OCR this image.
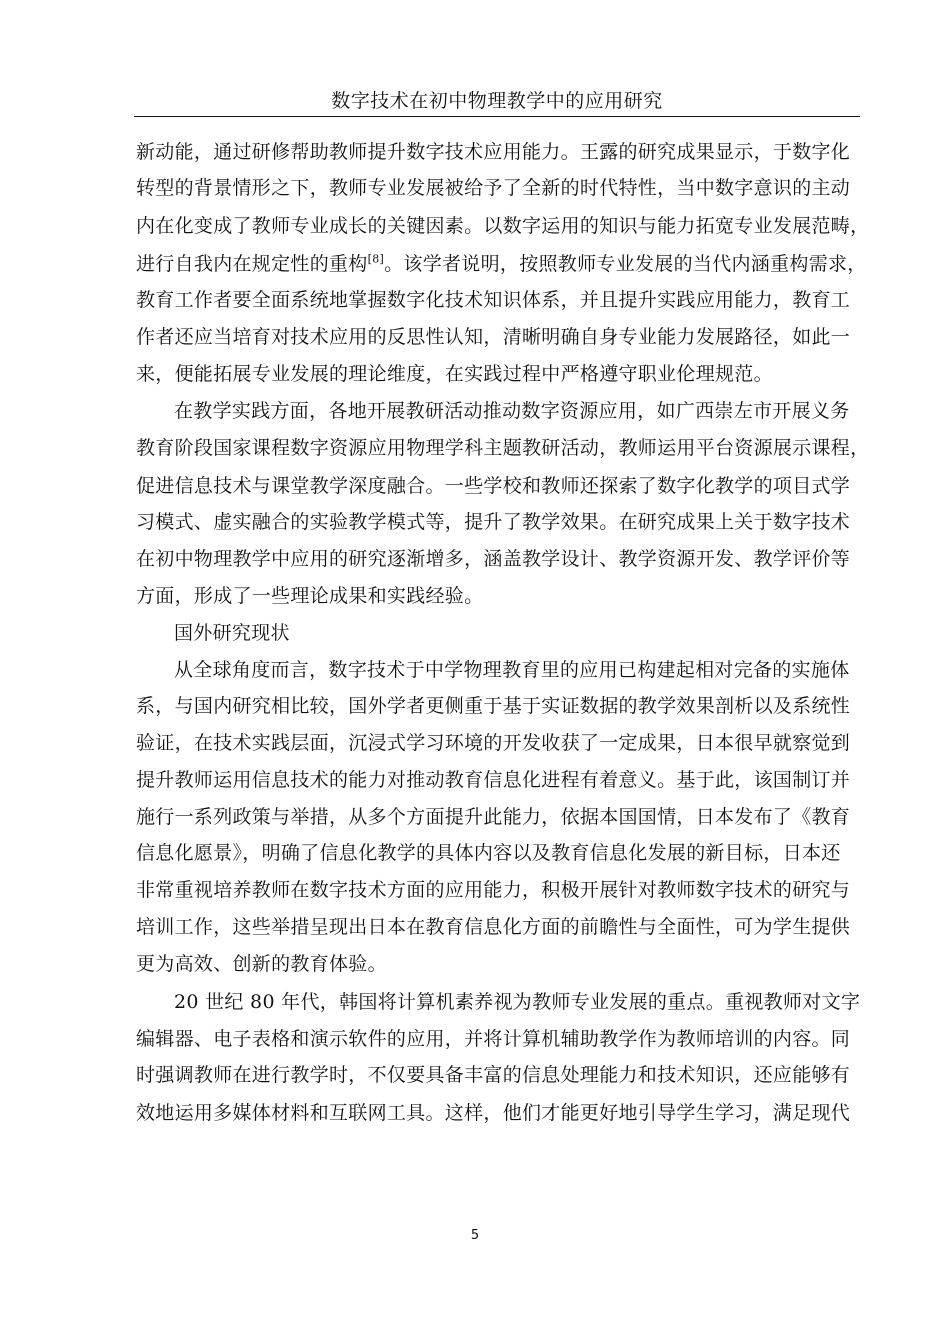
数字技术在初中物理教学中的应用研究
新动能，通过研修帮助教师提升数字技术应用能力。王露的研究成果显示，于数字化
转型的背景情形之下，教师专业发展被给予了全新的时代特性，当中数字意识的主动
内在化变成了教师专业成长的关键因素。以数字运用的知识与能力拓宽专业发展范畴，
进行自我内在规定性的重构[8]。该学者说明，按照教师专业发展的当代内涵重构需求，
教育工作者要全面系统地掌握数字化技术知识体系，并且提升实践应用能力，教育工
作者还应当培育对技术应用的反思性认知，清晰明确自身专业能力发展路径，如此一
来，便能拓展专业发展的理论维度，在实践过程中严格遵守职业伦理规范。
在教学实践方面，各地开展教研活动推动数字资源应用，如广西崇左市开展义务
教育阶段国家课程数字资源应用物理学科主题教研活动，教师运用平台资源展示课程，
促进信息技术与课堂教学深度融合。一些学校和教师还探索了数字化教学的项目式学
习模式、虚实融合的实验教学模式等，提升了教学效果。在研究成果上关于数字技术
在初中物理教学中应用的研究逐渐增多，涵盖教学设计、教学资源开发、教学评价等
方面，形成了一些理论成果和实践经验。
国外研究现状
从全球角度而言，数字技术于中学物理教育里的应用已构建起相对完备的实施体
系，与国内研究相比较，国外学者更侧重于基于实证数据的教学效果剖析以及系统性
验证，在技术实践层面，沉浸式学习环境的开发收获了一定成果，日本很早就察觉到
提升教师运用信息技术的能力对推动教育信息化进程有着意义。基于此，该国制订并
施行一系列政策与举措，从多个方面提升此能力，依据本国国情，日本发布了《教育
信息化愿景》，明确了信息化教学的具体内容以及教育信息化发展的新目标，日本还
非常重视培养教师在数字技术方面的应用能力，积极开展针对教师数字技术的研究与
培训工作，这些举措呈现出日本在教育信息化方面的前瞻性与全面性，可为学生提供
更为高效、创新的教育体验。
20 世纪 80 年代，韩国将计算机素养视为教师专业发展的重点。重视教师对文字
编辑器、电子表格和演示软件的应用，并将计算机辅助教学作为教师培训的内容。同
时强调教师在进行教学时，不仅要具备丰富的信息处理能力和技术知识，还应能够有
效地运用多媒体材料和互联网工具。这样，他们才能更好地引导学生学习，满足现代
5
